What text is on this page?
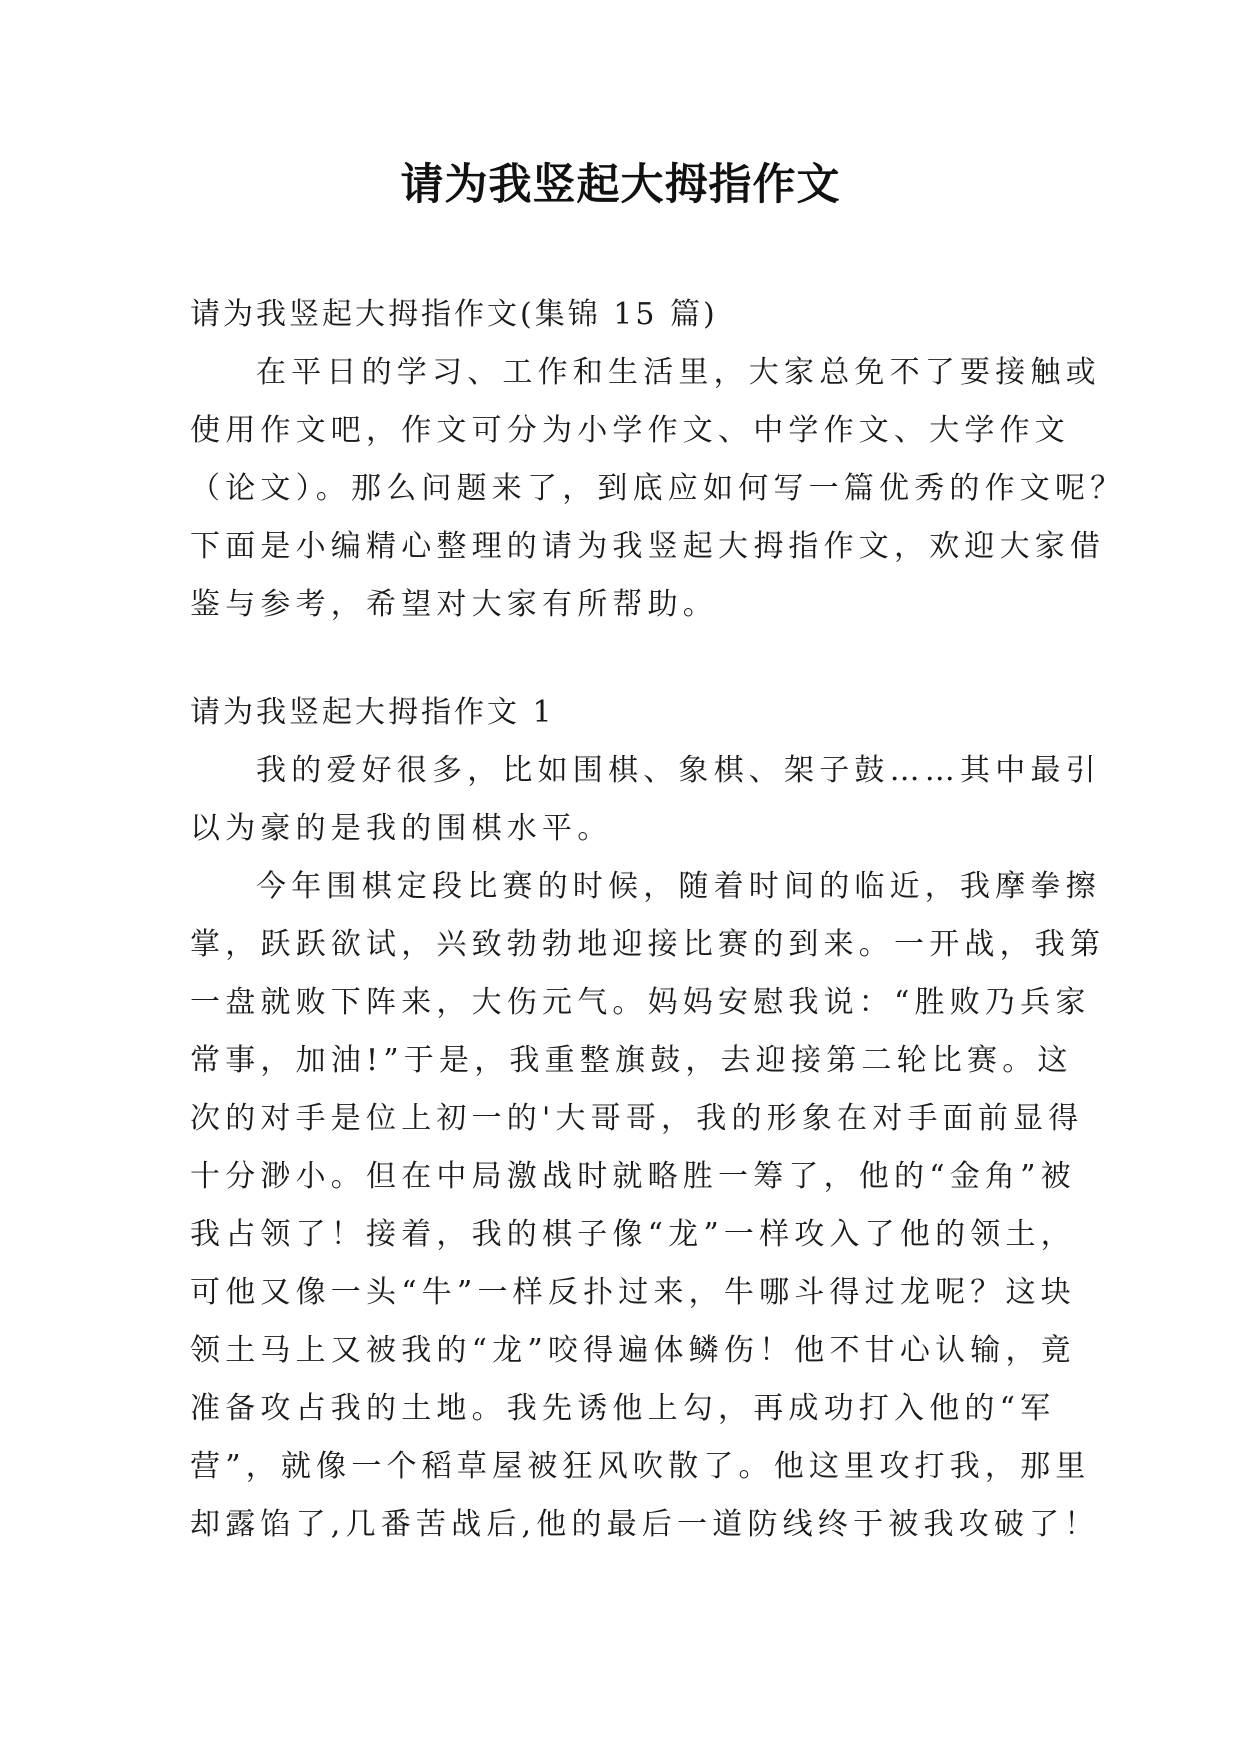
请为我竖起大拇指作文
请为我竖起大拇指作文(集锦 15 篇)
在平日的学习、工作和生活里，大家总免不了要接触或
使用作文吧，作文可分为小学作文、中学作文、大学作文
（论文）。那么问题来了，到底应如何写一篇优秀的作文呢？
下面是小编精心整理的请为我竖起大拇指作文，欢迎大家借
鉴与参考，希望对大家有所帮助。
请为我竖起大拇指作文 1
我的爱好很多，比如围棋、象棋、架子鼓……其中最引
以为豪的是我的围棋水平。
今年围棋定段比赛的时候，随着时间的临近，我摩拳擦
掌，跃跃欲试，兴致勃勃地迎接比赛的到来。一开战，我第
一盘就败下阵来，大伤元气。妈妈安慰我说：“胜败乃兵家
常事，加油!”于是，我重整旗鼓，去迎接第二轮比赛。这
次的对手是位上初一的'大哥哥，我的形象在对手面前显得
十分渺小。但在中局激战时就略胜一筹了，他的“金角”被
我占领了！接着，我的棋子像“龙”一样攻入了他的领土，
可他又像一头“牛”一样反扑过来，牛哪斗得过龙呢？这块
领土马上又被我的“龙”咬得遍体鳞伤！他不甘心认输，竟
准备攻占我的土地。我先诱他上勾，再成功打入他的“军
营”，就像一个稻草屋被狂风吹散了。他这里攻打我，那里
却露馅了,几番苦战后,他的最后一道防线终于被我攻破了！
